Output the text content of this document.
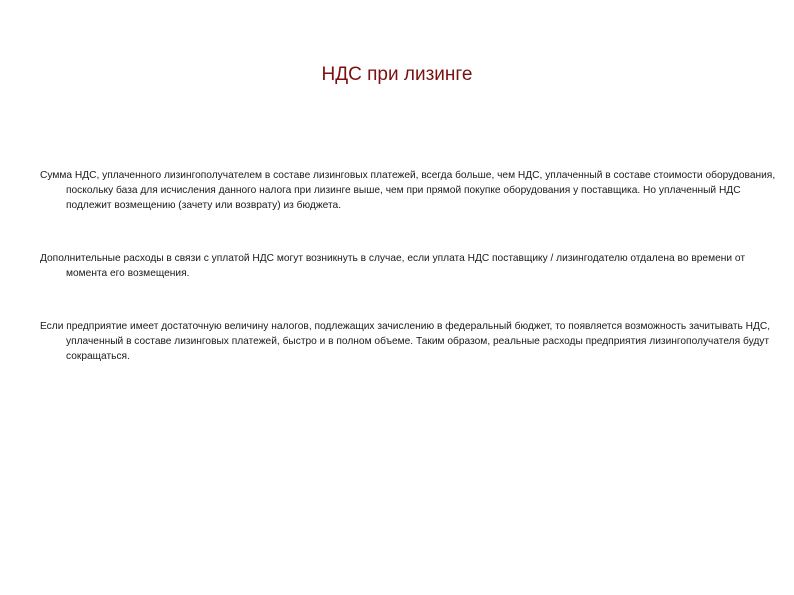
НДС при лизинге

Сумма НДС, уплаченного лизингополучателем в составе лизинговых платежей, всегда больше, чем НДС, уплаченный в составе стоимости оборудования, поскольку база для исчисления данного налога при лизинге выше, чем при прямой покупке оборудования у поставщика. Но уплаченный НДС подлежит возмещению (зачету или возврату) из бюджета.

Дополнительные расходы в связи с уплатой НДС могут возникнуть в случае, если уплата НДС поставщику / лизингодателю отдалена во времени от момента его возмещения.

Если предприятие имеет достаточную величину налогов, подлежащих зачислению в федеральный бюджет, то появляется возможность зачитывать НДС, уплаченный в составе лизинговых платежей, быстро и в полном объеме. Таким образом, реальные расходы предприятия лизингополучателя будут сокращаться.
